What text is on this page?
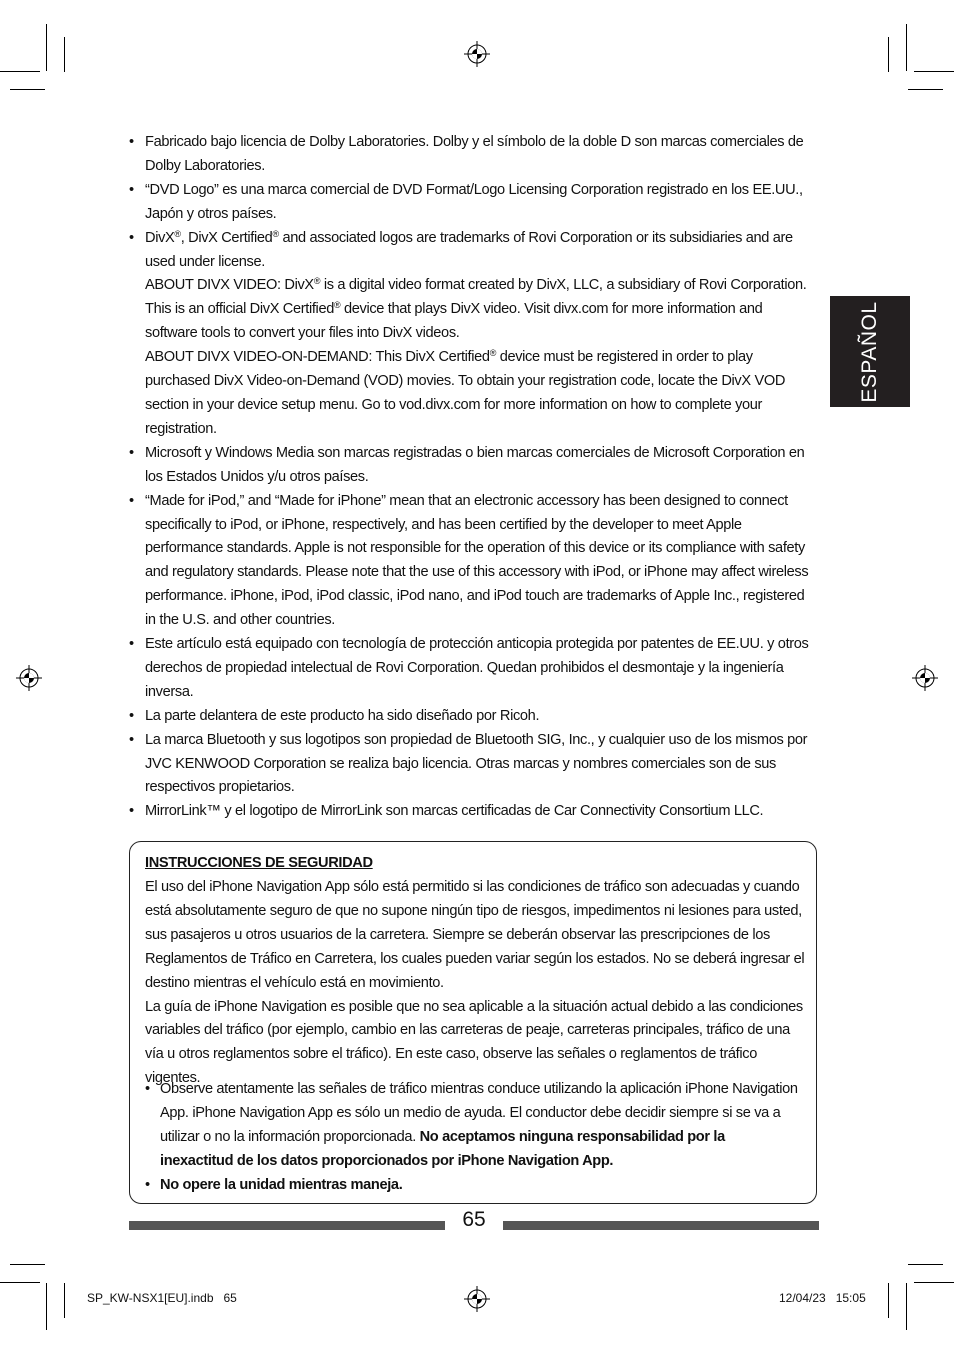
ESPAÑOL

• Fabricado bajo licencia de Dolby Laboratories. Dolby y el símbolo de la doble D son marcas comerciales de Dolby Laboratories.

• “DVD Logo” es una marca comercial de DVD Format/Logo Licensing Corporation registrado en los EE.UU., Japón y otros países.

• DivX®, DivX Certified® and associated logos are trademarks of Rovi Corporation or its subsidiaries and are used under license.

ABOUT DIVX VIDEO: DivX® is a digital video format created by DivX, LLC, a subsidiary of Rovi Corporation. This is an official DivX Certified® device that plays DivX video. Visit divx.com for more information and software tools to convert your files into DivX videos.

ABOUT DIVX VIDEO-ON-DEMAND: This DivX Certified® device must be registered in order to play purchased DivX Video-on-Demand (VOD) movies. To obtain your registration code, locate the DivX VOD section in your device setup menu. Go to vod.divx.com for more information on how to complete your registration.

• Microsoft y Windows Media son marcas registradas o bien marcas comerciales de Microsoft Corporation en los Estados Unidos y/u otros países.

• “Made for iPod,” and “Made for iPhone” mean that an electronic accessory has been designed to connect specifically to iPod, or iPhone, respectively, and has been certified by the developer to meet Apple performance standards. Apple is not responsible for the operation of this device or its compliance with safety and regulatory standards. Please note that the use of this accessory with iPod, or iPhone may affect wireless performance. iPhone, iPod, iPod classic, iPod nano, and iPod touch are trademarks of Apple Inc., registered in the U.S. and other countries.

• Este artículo está equipado con tecnología de protección anticopia protegida por patentes de EE.UU. y otros derechos de propiedad intelectual de Rovi Corporation. Quedan prohibidos el desmontaje y la ingeniería inversa.

• La parte delantera de este producto ha sido diseñado por Ricoh.

• La marca Bluetooth y sus logotipos son propiedad de Bluetooth SIG, Inc., y cualquier uso de los mismos por JVC KENWOOD Corporation se realiza bajo licencia. Otras marcas y nombres comerciales son de sus respectivos propietarios.

• MirrorLink™ y el logotipo de MirrorLink son marcas certificadas de Car Connectivity Consortium LLC.

INSTRUCCIONES DE SEGURIDAD

El uso del iPhone Navigation App sólo está permitido si las condiciones de tráfico son adecuadas y cuando está absolutamente seguro de que no supone ningún tipo de riesgos, impedimentos ni lesiones para usted, sus pasajeros u otros usuarios de la carretera. Siempre se deberán observar las prescripciones de los Reglamentos de Tráfico en Carretera, los cuales pueden variar según los estados. No se deberá ingresar el destino mientras el vehículo está en movimiento.

La guía de iPhone Navigation es posible que no sea aplicable a la situación actual debido a las condiciones variables del tráfico (por ejemplo, cambio en las carreteras de peaje, carreteras principales, tráfico de una vía u otros reglamentos sobre el tráfico). En este caso, observe las señales o reglamentos de tráfico vigentes.

• Observe atentamente las señales de tráfico mientras conduce utilizando la aplicación iPhone Navigation App. iPhone Navigation App es sólo un medio de ayuda. El conductor debe decidir siempre si se va a utilizar o no la información proporcionada. No aceptamos ninguna responsabilidad por la inexactitud de los datos proporcionados por iPhone Navigation App.
• No opere la unidad mientras maneja.
65
SP_KW-NSX1[EU].indb   65	12/04/23   15:05
